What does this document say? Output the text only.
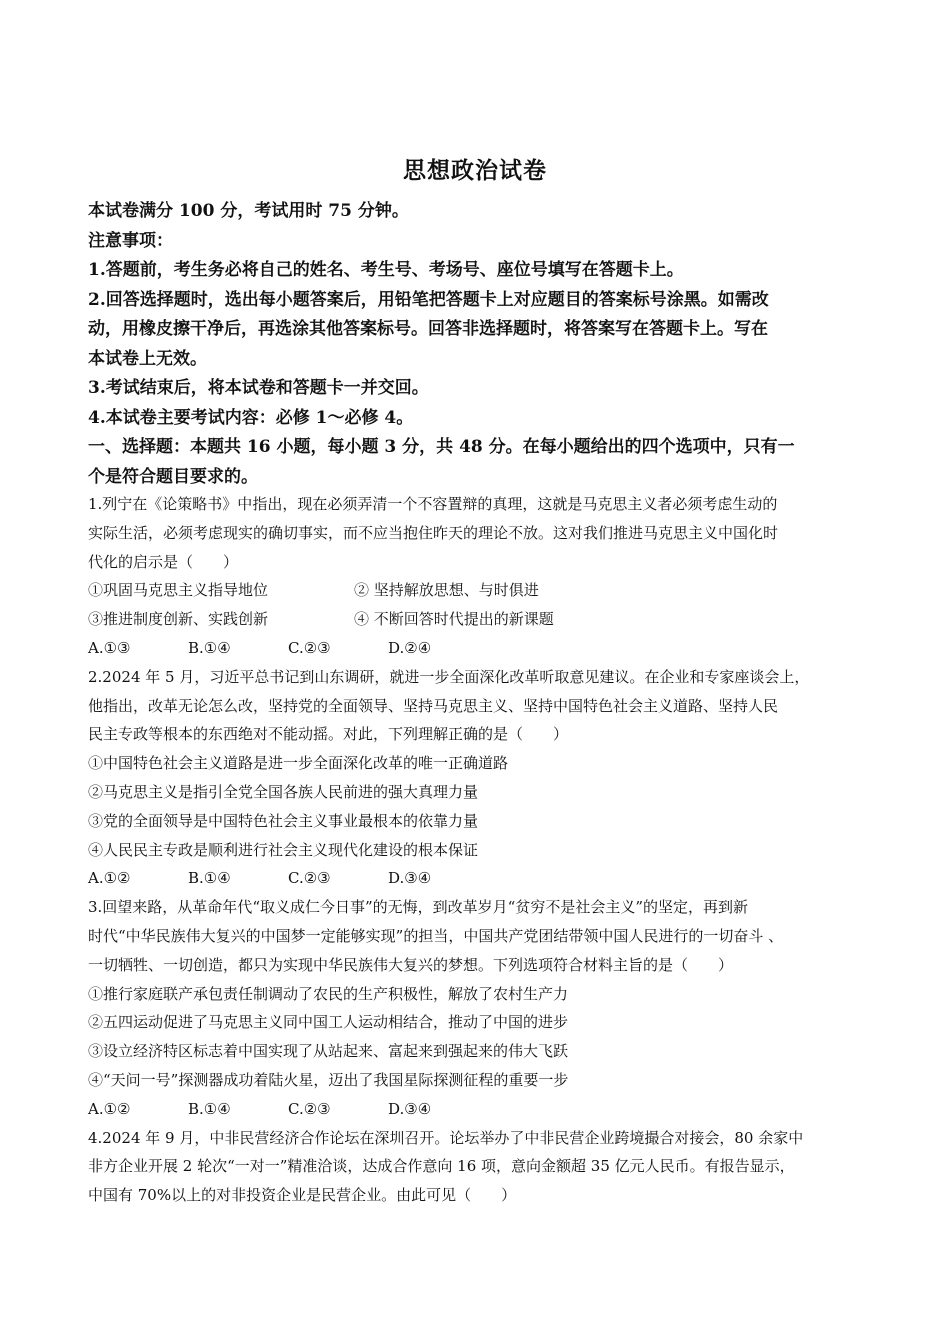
思想政治试卷

本试卷满分 100 分，考试用时 75 分钟。

注意事项：

1.答题前，考生务必将自己的姓名、考生号、考场号、座位号填写在答题卡上。

2.回答选择题时，选出每小题答案后，用铅笔把答题卡上对应题目的答案标号涂黑。如需改

动，用橡皮擦干净后，再选涂其他答案标号。回答非选择题时，将答案写在答题卡上。写在

本试卷上无效。

3.考试结束后，将本试卷和答题卡一并交回。

4.本试卷主要考试内容：必修 1～必修 4。

一、选择题：本题共 16 小题，每小题 3 分，共 48 分。在每小题给出的四个选项中，只有一

个是符合题目要求的。

1.列宁在《论策略书》中指出，现在必须弄清一个不容置辩的真理，这就是马克思主义者必须考虑生动的

实际生活，必须考虑现实的确切事实，而不应当抱住昨天的理论不放。这对我们推进马克思主义中国化时

代化的启示是（　　）

①巩固马克思主义指导地位	② 坚持解放思想、与时俱进
③推进制度创新、实践创新	④ 不断回答时代提出的新课题
A.①③	B.①④	C.②③	D.②④

2.2024 年 5 月，习近平总书记到山东调研，就进一步全面深化改革听取意见建议。在企业和专家座谈会上，

他指出，改革无论怎么改，坚持党的全面领导、坚持马克思主义、坚持中国特色社会主义道路、坚持人民

民主专政等根本的东西绝对不能动摇。对此，下列理解正确的是（　　）

①中国特色社会主义道路是进一步全面深化改革的唯一正确道路

②马克思主义是指引全党全国各族人民前进的强大真理力量

③党的全面领导是中国特色社会主义事业最根本的依靠力量

④人民民主专政是顺利进行社会主义现代化建设的根本保证

A.①②	B.①④	C.②③	D.③④

3.回望来路，从革命年代“取义成仁今日事”的无悔，到改革岁月“贫穷不是社会主义”的坚定，再到新

时代“中华民族伟大复兴的中国梦一定能够实现”的担当，中国共产党团结带领中国人民进行的一切奋斗 、

一切牺牲、一切创造，都只为实现中华民族伟大复兴的梦想。下列选项符合材料主旨的是（　　）

①推行家庭联产承包责任制调动了农民的生产积极性，解放了农村生产力

②五四运动促进了马克思主义同中国工人运动相结合，推动了中国的进步

③设立经济特区标志着中国实现了从站起来、富起来到强起来的伟大飞跃

④“天问一号”探测器成功着陆火星，迈出了我国星际探测征程的重要一步

A.①②	B.①④	C.②③	D.③④

4.2024 年 9 月，中非民营经济合作论坛在深圳召开。论坛举办了中非民营企业跨境撮合对接会，80 余家中

非方企业开展 2 轮次“一对一”精准洽谈，达成合作意向 16 项，意向金额超 35 亿元人民币。有报告显示，

中国有 70%以上的对非投资企业是民营企业。由此可见（　　）
